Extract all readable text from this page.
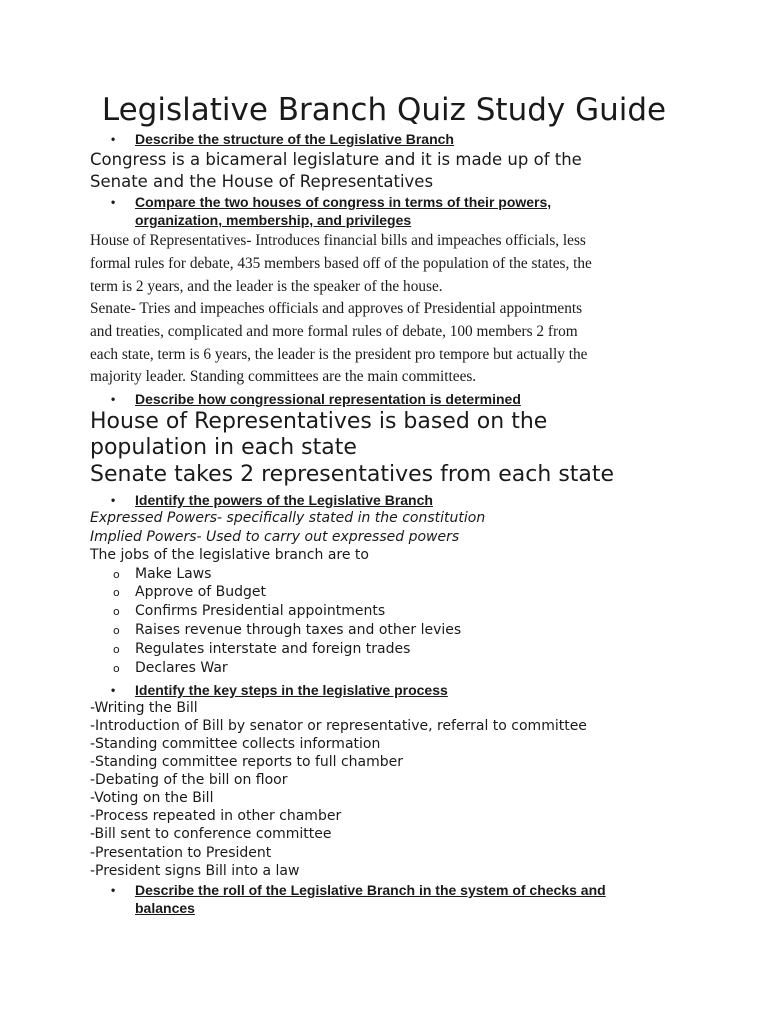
Legislative Branch Quiz Study Guide
•	Describe the structure of the Legislative Branch
Congress is a bicameral legislature and it is made up of the
Senate and the House of Representatives
•	Compare the two houses of congress in terms of their powers,
organization, membership, and privileges
House of Representatives- Introduces financial bills and impeaches officials, less
formal rules for debate, 435 members based off of the population of the states, the
term is 2 years, and the leader is the speaker of the house.
Senate- Tries and impeaches officials and approves of Presidential appointments
and treaties, complicated and more formal rules of debate, 100 members 2 from
each state, term is 6 years, the leader is the president pro tempore but actually the
majority leader. Standing committees are the main committees.
•	Describe how congressional representation is determined
House of Representatives is based on the
population in each state
Senate takes 2 representatives from each state
•	Identify the powers of the Legislative Branch
Expressed Powers- specifically stated in the constitution
Implied Powers- Used to carry out expressed powers
The jobs of the legislative branch are to
o Make Laws
o Approve of Budget
o Confirms Presidential appointments
o Raises revenue through taxes and other levies
o Regulates interstate and foreign trades
o Declares War
•	Identify the key steps in the legislative process
-Writing the Bill
-Introduction of Bill by senator or representative, referral to committee
-Standing committee collects information
-Standing committee reports to full chamber
-Debating of the bill on floor
-Voting on the Bill
-Process repeated in other chamber
-Bill sent to conference committee
-Presentation to President
-President signs Bill into a law
•	Describe the roll of the Legislative Branch in the system of checks and
balances
